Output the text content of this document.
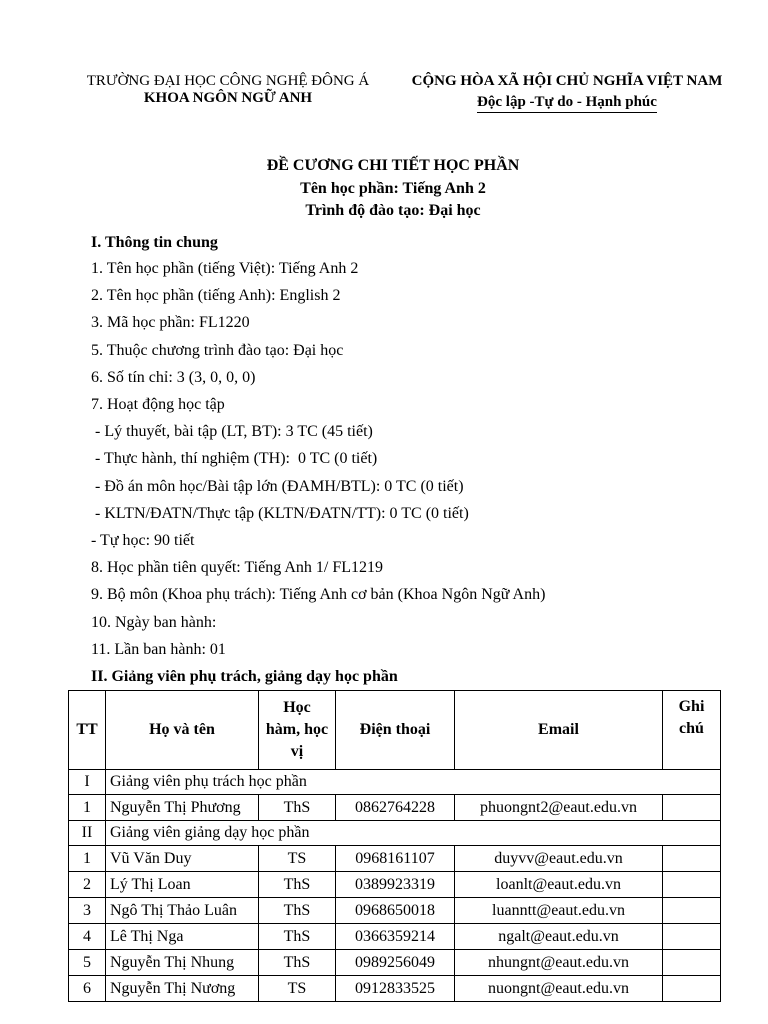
TRƯỜNG ĐẠI HỌC CÔNG NGHỆ ĐÔNG Á
KHOA NGÔN NGỮ ANH
CỘNG HÒA XÃ HỘI CHỦ NGHĨA VIỆT NAM
Độc lập -Tự do - Hạnh phúc
ĐỀ CƯƠNG CHI TIẾT HỌC PHẦN
Tên học phần: Tiếng Anh 2
Trình độ đào tạo: Đại học
I. Thông tin chung
1. Tên học phần (tiếng Việt): Tiếng Anh 2
2. Tên học phần (tiếng Anh): English 2
3. Mã học phần: FL1220
5. Thuộc chương trình đào tạo: Đại học
6. Số tín chỉ: 3 (3, 0, 0, 0)
7. Hoạt động học tập
- Lý thuyết, bài tập (LT, BT): 3 TC (45 tiết)
- Thực hành, thí nghiệm (TH):  0 TC (0 tiết)
- Đồ án môn học/Bài tập lớn (ĐAMH/BTL): 0 TC (0 tiết)
- KLTN/ĐATN/Thực tập (KLTN/ĐATN/TT): 0 TC (0 tiết)
- Tự học: 90 tiết
8. Học phần tiên quyết: Tiếng Anh 1/ FL1219
9. Bộ môn (Khoa phụ trách): Tiếng Anh cơ bản (Khoa Ngôn Ngữ Anh)
10. Ngày ban hành:
11. Lần ban hành: 01
II. Giảng viên phụ trách, giảng dạy học phần
TT	Họ và tên	Học
hàm, học
vị	Điện thoại	Email	Ghi
chú
I	Giảng viên phụ trách học phần				
1	Nguyễn Thị Phương	ThS	0862764228	phuongnt2@eaut.edu.vn	
II	Giảng viên giảng dạy học phần				
1	Vũ Văn Duy	TS	0968161107	duyvv@eaut.edu.vn	
2	Lý Thị Loan	ThS	0389923319	loanlt@eaut.edu.vn	
3	Ngô Thị Thảo Luân	ThS	0968650018	luanntt@eaut.edu.vn	
4	Lê Thị Nga	ThS	0366359214	ngalt@eaut.edu.vn	
5	Nguyễn Thị Nhung	ThS	0989256049	nhungnt@eaut.edu.vn	
6	Nguyễn Thị Nương	TS	0912833525	nuongnt@eaut.edu.vn	
